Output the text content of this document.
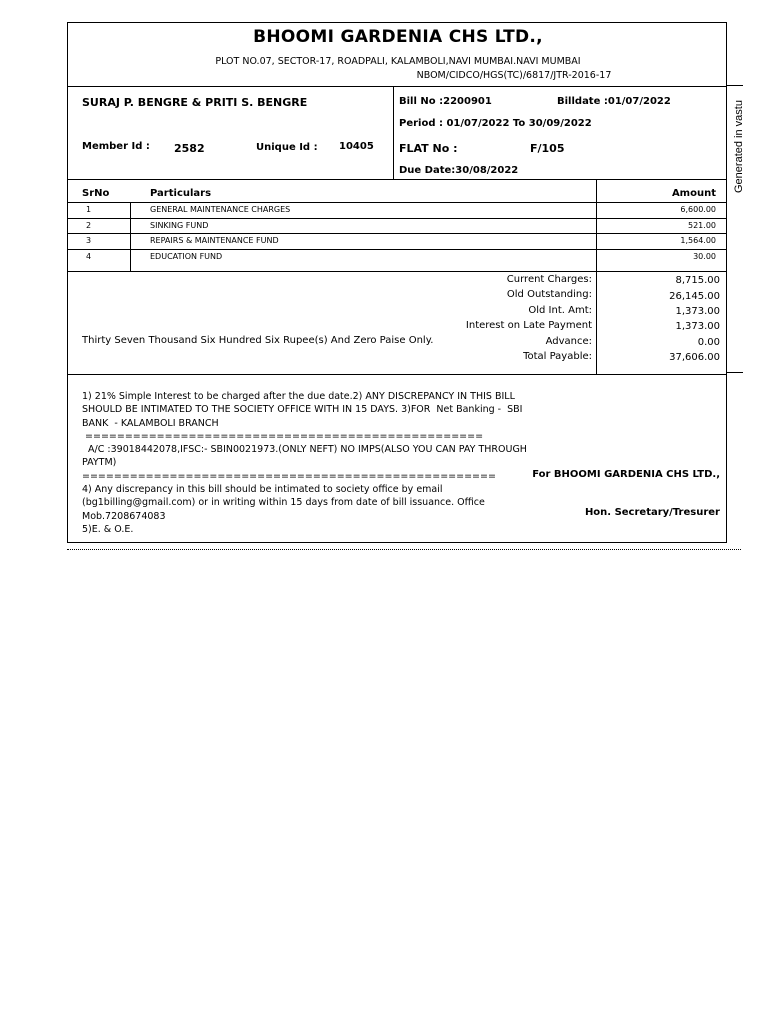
BHOOMI GARDENIA CHS LTD.,
PLOT NO.07, SECTOR-17, ROADPALI, KALAMBOLI,NAVI MUMBAI.NAVI MUMBAI
NBOM/CIDCO/HGS(TC)/6817/JTR-2016-17
SURAJ P. BENGRE & PRITI S. BENGRE
Member Id : 2582	Unique Id : 10405
Bill No :2200901	Billdate :01/07/2022
Period : 01/07/2022 To 30/09/2022
FLAT No :	F/105
Due Date:30/08/2022
SrNo	Particulars	Amount
1	GENERAL MAINTENANCE CHARGES	6,600.00
2	SINKING FUND	521.00
3	REPAIRS & MAINTENANCE FUND	1,564.00
4	EDUCATION FUND	30.00
Thirty Seven Thousand Six Hundred Six Rupee(s) And Zero Paise Only.
Current Charges:	8,715.00
Old Outstanding:	26,145.00
Old Int. Amt:	1,373.00
Interest on Late Payment	1,373.00
Advance:	0.00
Total Payable:	37,606.00
1) 21% Simple Interest to be charged after the due date.2) ANY DISCREPANCY IN THIS BILL
SHOULD BE INTIMATED TO THE SOCIETY OFFICE WITH IN 15 DAYS. 3)FOR  Net Banking -  SBI
BANK  - KALAMBOLI BRANCH
==================================================
A/C :39018442078,IFSC:- SBIN0021973.(ONLY NEFT) NO IMPS(ALSO YOU CAN PAY THROUGH
PAYTM)
====================================================
4) Any discrepancy in this bill should be intimated to society office by email
(bg1billing@gmail.com) or in writing within 15 days from date of bill issuance. Office
Mob.7208674083
5)E. & O.E.
For BHOOMI GARDENIA CHS LTD.,
Hon. Secretary/Tresurer
Generated in vastu
